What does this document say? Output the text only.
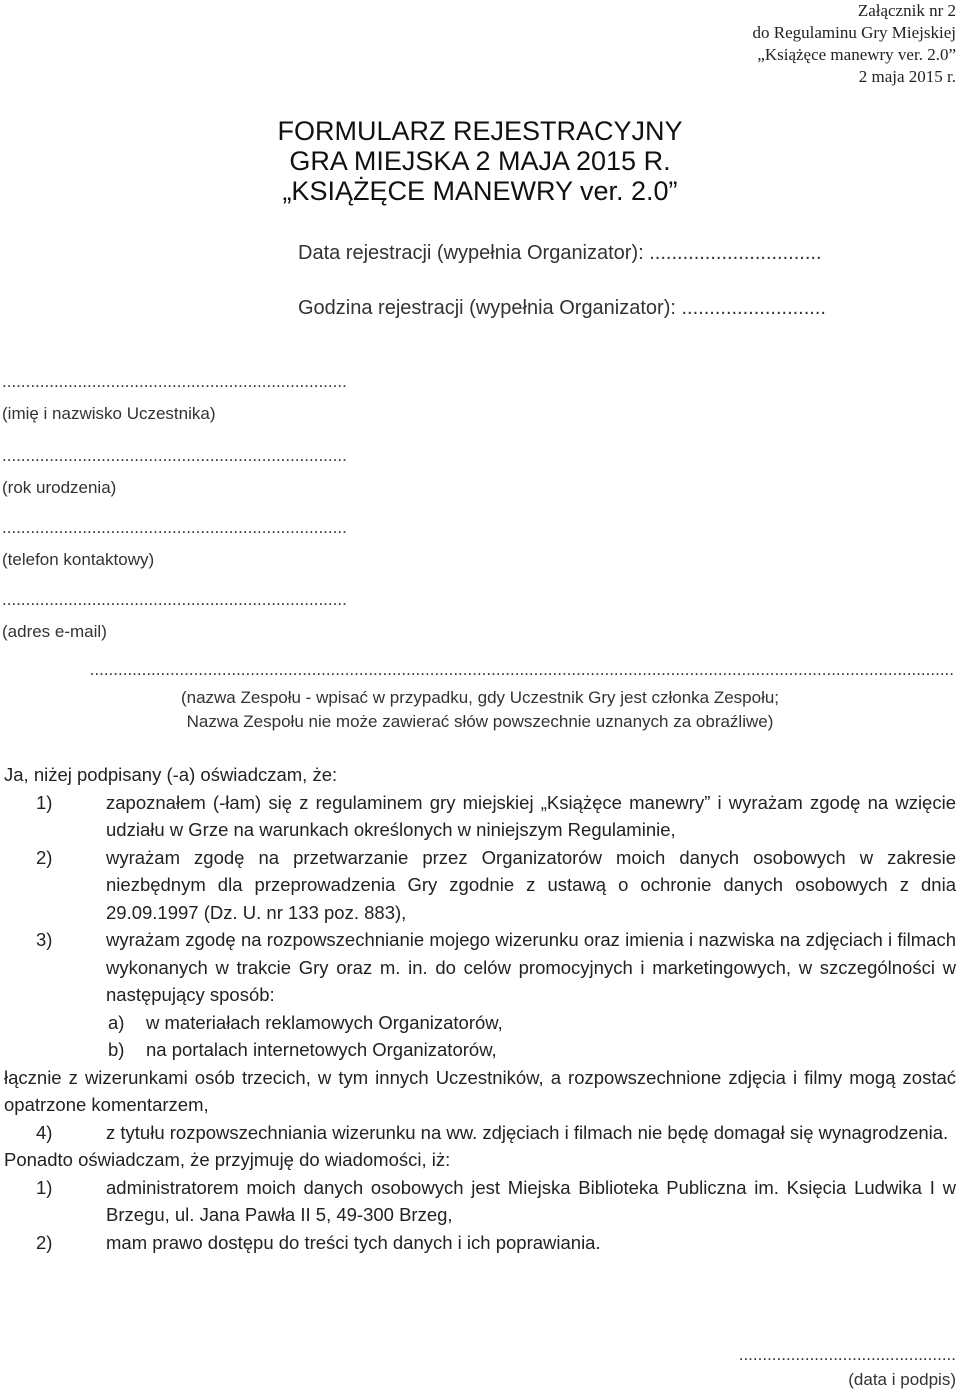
Załącznik nr 2
do Regulaminu Gry Miejskiej
„Książęce manewry ver. 2.0”
2 maja 2015 r.
FORMULARZ REJESTRACYJNY
GRA MIEJSKA 2 MAJA 2015 R.
„KSIĄŻĘCE MANEWRY ver. 2.0”
Data rejestracji (wypełnia Organizator): ...............................
Godzina rejestracji (wypełnia Organizator): ..........................
.........................................................................
(imię i nazwisko Uczestnika)
.........................................................................
(rok urodzenia)
.........................................................................
(telefon kontaktowy)
.........................................................................
(adres e-mail)
.......................................................................................................................................................................................
(nazwa Zespołu - wpisać w przypadku, gdy Uczestnik Gry jest członka Zespołu;
Nazwa Zespołu nie może zawierać słów powszechnie uznanych za obraźliwe)

Ja, niżej podpisany (-a) oświadczam, że:

1)	zapoznałem (-łam) się z regulaminem gry miejskiej „Książęce manewry” i wyrażam zgodę na wzięcie udziału w Grze na warunkach określonych w niniejszym Regulaminie,
2)	wyrażam zgodę na przetwarzanie przez Organizatorów moich danych osobowych w zakresie niezbędnym dla przeprowadzenia Gry zgodnie z ustawą o ochronie danych osobowych z dnia 29.09.1997 (Dz. U. nr 133 poz. 883),
3)	wyrażam zgodę na rozpowszechnianie mojego wizerunku oraz imienia i nazwiska na zdjęciach i filmach wykonanych w trakcie Gry oraz m. in. do celów promocyjnych i marketingowych, w szczególności w następujący sposób:
a)	w materiałach reklamowych Organizatorów,
b)	na portalach internetowych Organizatorów,

łącznie z wizerunkami osób trzecich, w tym innych Uczestników, a rozpowszechnione zdjęcia i filmy mogą zostać opatrzone komentarzem,

4)	z tytułu rozpowszechniania wizerunku na ww. zdjęciach i filmach nie będę domagał się wynagrodzenia.

Ponadto oświadczam, że przyjmuję do wiadomości, iż:

1)	administratorem moich danych osobowych jest Miejska Biblioteka Publiczna im. Księcia Ludwika I w Brzegu, ul. Jana Pawła II 5, 49-300 Brzeg,
2)	mam prawo dostępu do treści tych danych i ich poprawiania.
..............................................
(data i podpis)
